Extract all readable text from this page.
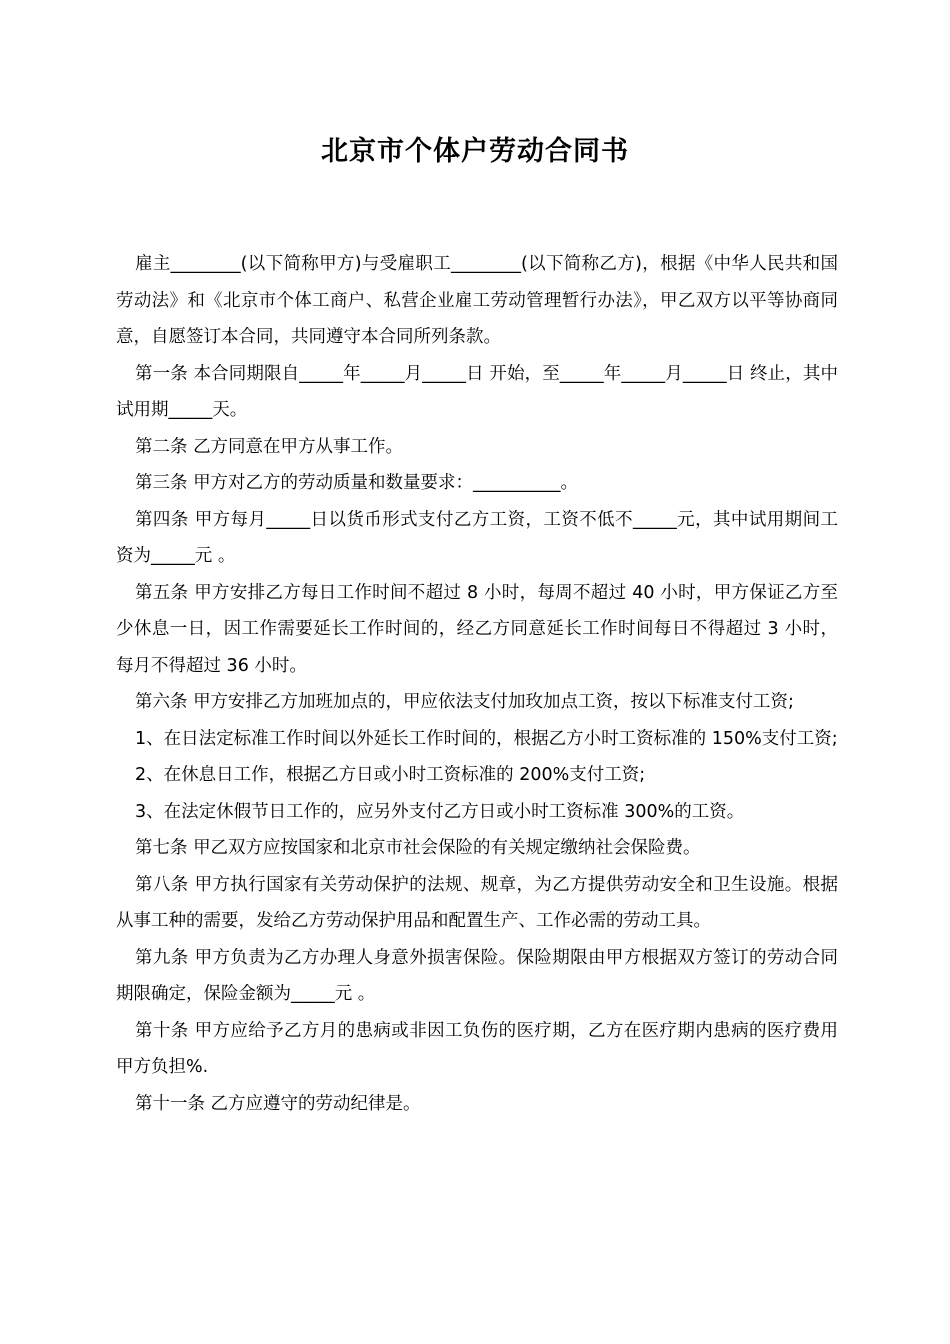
北京市个体户劳动合同书

雇主________(以下简称甲方)与受雇职工________(以下简称乙方)，根据《中华人民共和国劳动法》和《北京市个体工商户、私营企业雇工劳动管理暂行办法》，甲乙双方以平等协商同意，自愿签订本合同，共同遵守本合同所列条款。

第一条 本合同期限自_____年_____月_____日 开始，至_____年_____月_____日 终止，其中试用期_____天。

第二条 乙方同意在甲方从事工作。

第三条 甲方对乙方的劳动质量和数量要求：__________。

第四条 甲方每月_____日以货币形式支付乙方工资，工资不低不_____元，其中试用期间工资为_____元 。

第五条 甲方安排乙方每日工作时间不超过 8 小时，每周不超过 40 小时，甲方保证乙方至少休息一日，因工作需要延长工作时间的，经乙方同意延长工作时间每日不得超过 3 小时，每月不得超过 36 小时。

第六条 甲方安排乙方加班加点的，甲应依法支付加玫加点工资，按以下标准支付工资;

1、在日法定标准工作时间以外延长工作时间的，根据乙方小时工资标准的 150%支付工资;

2、在休息日工作，根据乙方日或小时工资标准的 200%支付工资;

3、在法定休假节日工作的，应另外支付乙方日或小时工资标准 300%的工资。

第七条 甲乙双方应按国家和北京市社会保险的有关规定缴纳社会保险费。

第八条 甲方执行国家有关劳动保护的法规、规章，为乙方提供劳动安全和卫生设施。根据从事工种的需要，发给乙方劳动保护用品和配置生产、工作必需的劳动工具。

第九条 甲方负责为乙方办理人身意外损害保险。保险期限由甲方根据双方签订的劳动合同期限确定，保险金额为_____元 。

第十条 甲方应给予乙方月的患病或非因工负伤的医疗期，乙方在医疗期内患病的医疗费用甲方负担%.

第十一条 乙方应遵守的劳动纪律是。
